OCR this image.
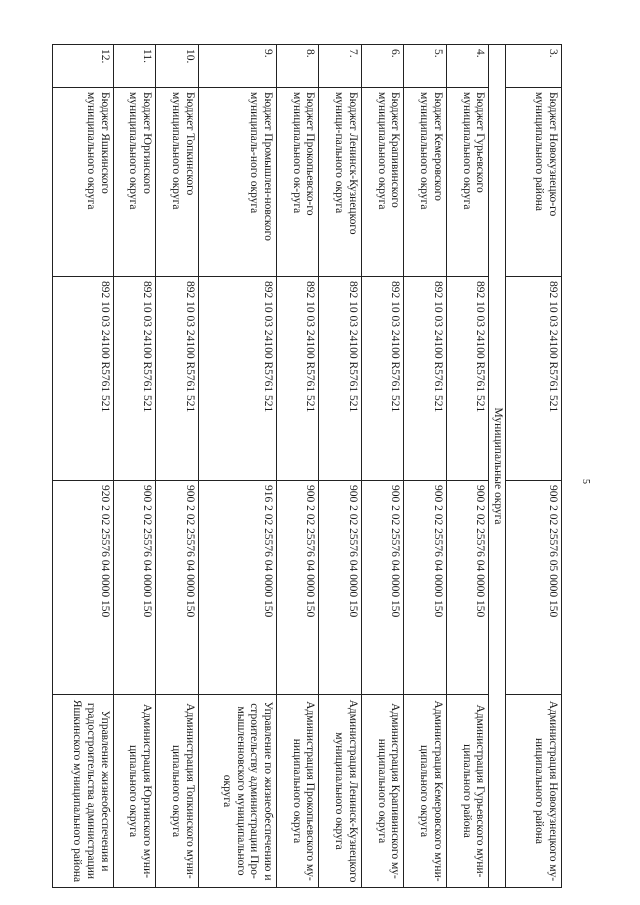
5
3.	Бюджет Новокузнецко-го муниципального района	892 10 03 24100 R5761 521	900 2 02 25576 05 0000 150	Администрация Новокузнецкого му-ниципального района
Муниципальные округа				
4.	Бюджет Гурьевского муниципального округа	892 10 03 24100 R5761 521	900 2 02 25576 04 0000 150	Администрация Гурьевского муни-ципального района
5.	Бюджет Кемеровского муниципального округа	892 10 03 24100 R5761 521	900 2 02 25576 04 0000 150	Администрация Кемеровского муни-ципального округа
6.	Бюджет Крапивинского муниципального округа	892 10 03 24100 R5761 521	900 2 02 25576 04 0000 150	Администрация Крапивинского му-ниципального округа
7.	Бюджет Ленинск-Кузнецкого муници-пального округа	892 10 03 24100 R5761 521	900 2 02 25576 04 0000 150	Администрация Ленинск-Кузнецкого муниципального округа
8.	Бюджет Прокопьевско-го муниципального ок-руга	892 10 03 24100 R5761 521	900 2 02 25576 04 0000 150	Администрация Прокопьевского му-ниципального округа
9.	Бюджет Промышлен-новского муниципаль-ного округа	892 10 03 24100 R5761 521	916 2 02 25576 04 0000 150	Управление по жизнеобеспечению и строительству администрации Про-мышленновского муниципального округа
10.	Бюджет Топкинского муниципального округа	892 10 03 24100 R5761 521	900 2 02 25576 04 0000 150	Администрация Топкинского муни-ципального округа
11.	Бюджет Юргинского муниципального округа	892 10 03 24100 R5761 521	900 2 02 25576 04 0000 150	Администрация Юргинского муни-ципального округа
12.	Бюджет Яшкинского муниципального округа	892 10 03 24100 R5761 521	920 2 02 25576 04 0000 150	Управление жизнеобеспечения и градостроительства администрации Яшкинского муниципального района
